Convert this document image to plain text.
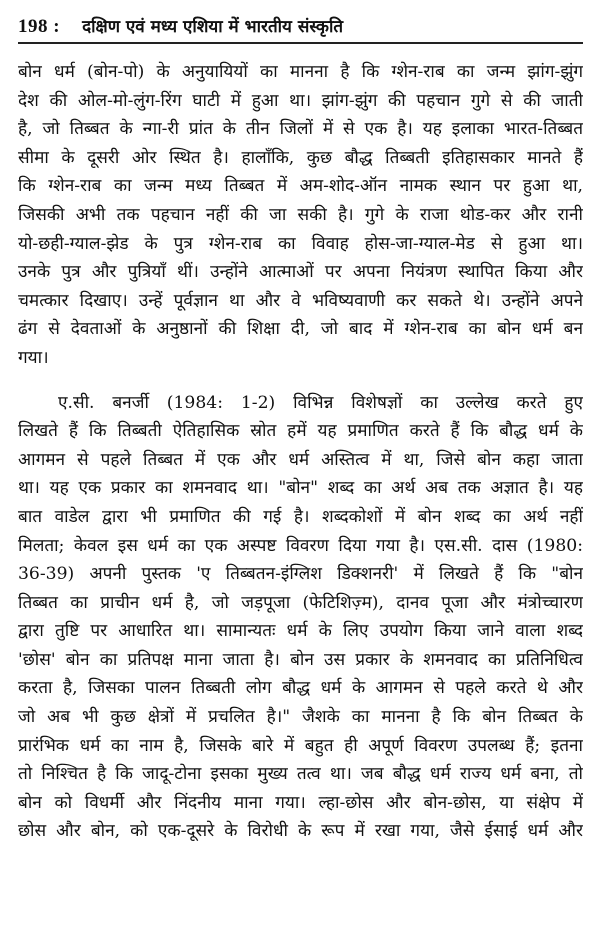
198 : दक्षिण एवं मध्य एशिया में भारतीय संस्कृति
बोन धर्म (बोन-पो) के अनुयायियों का मानना है कि ग्शेन-राब का जन्म झांग-झुंग
देश की ओल-मो-लुंग-रिंग घाटी में हुआ था। झांग-झुंग की पहचान गुगे से की जाती
है, जो तिब्बत के न्गा-री प्रांत के तीन जिलों में से एक है। यह इलाका भारत-तिब्बत
सीमा के दूसरी ओर स्थित है। हालाँकि, कुछ बौद्ध तिब्बती इतिहासकार मानते हैं
कि ग्शेन-राब का जन्म मध्य तिब्बत में अम-शोद-ऑन नामक स्थान पर हुआ था,
जिसकी अभी तक पहचान नहीं की जा सकी है। गुगे के राजा थोड-कर और रानी
यो-छही-ग्याल-झेड के पुत्र ग्शेन-राब का विवाह होस-जा-ग्याल-मेड से हुआ था।
उनके पुत्र और पुत्रियाँ थीं। उन्होंने आत्माओं पर अपना नियंत्रण स्थापित किया और
चमत्कार दिखाए। उन्हें पूर्वज्ञान था और वे भविष्यवाणी कर सकते थे। उन्होंने अपने
ढंग से देवताओं के अनुष्ठानों की शिक्षा दी, जो बाद में ग्शेन-राब का बोन धर्म बन
गया।
ए.सी. बनर्जी (1984: 1-2) विभिन्न विशेषज्ञों का उल्लेख करते हुए
लिखते हैं कि तिब्बती ऐतिहासिक स्रोत हमें यह प्रमाणित करते हैं कि बौद्ध धर्म के
आगमन से पहले तिब्बत में एक और धर्म अस्तित्व में था, जिसे बोन कहा जाता
था। यह एक प्रकार का शमनवाद था। "बोन" शब्द का अर्थ अब तक अज्ञात है। यह
बात वाडेल द्वारा भी प्रमाणित की गई है। शब्दकोशों में बोन शब्द का अर्थ नहीं
मिलता; केवल इस धर्म का एक अस्पष्ट विवरण दिया गया है। एस.सी. दास (1980:
36-39) अपनी पुस्तक 'ए तिब्बतन-इंग्लिश डिक्शनरी' में लिखते हैं कि "बोन
तिब्बत का प्राचीन धर्म है, जो जड़पूजा (फेटिशिज़्म), दानव पूजा और मंत्रोच्चारण
द्वारा तुष्टि पर आधारित था। सामान्यतः धर्म के लिए उपयोग किया जाने वाला शब्द
'छोस' बोन का प्रतिपक्ष माना जाता है। बोन उस प्रकार के शमनवाद का प्रतिनिधित्व
करता है, जिसका पालन तिब्बती लोग बौद्ध धर्म के आगमन से पहले करते थे और
जो अब भी कुछ क्षेत्रों में प्रचलित है।" जैशके का मानना है कि बोन तिब्बत के
प्रारंभिक धर्म का नाम है, जिसके बारे में बहुत ही अपूर्ण विवरण उपलब्ध हैं; इतना
तो निश्चित है कि जादू-टोना इसका मुख्य तत्व था। जब बौद्ध धर्म राज्य धर्म बना, तो
बोन को विधर्मी और निंदनीय माना गया। ल्हा-छोस और बोन-छोस, या संक्षेप में
छोस और बोन, को एक-दूसरे के विरोधी के रूप में रखा गया, जैसे ईसाई धर्म और
